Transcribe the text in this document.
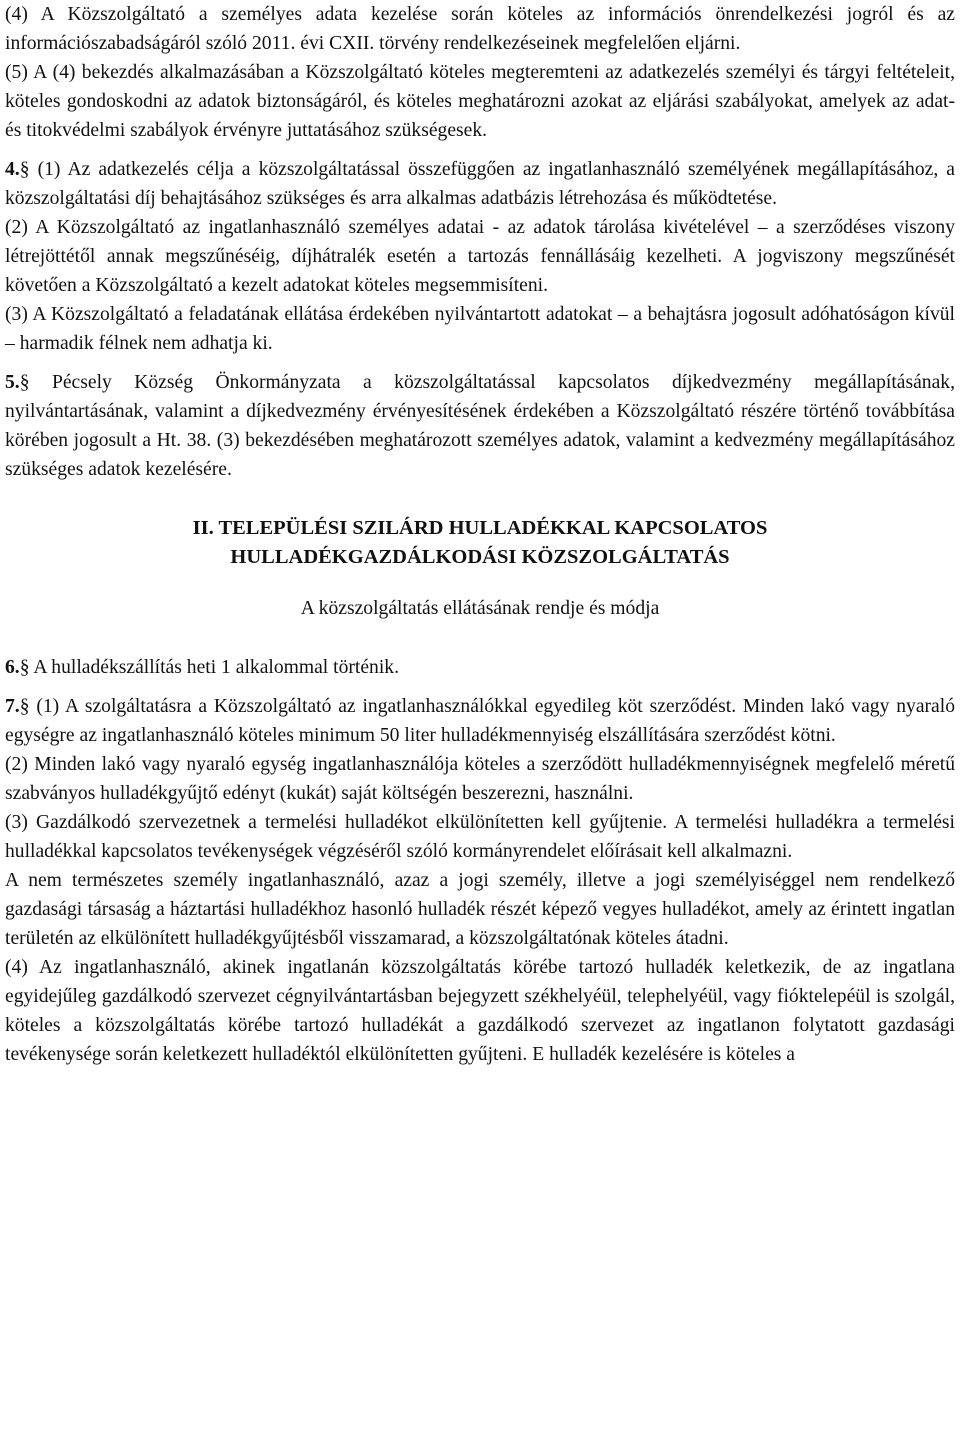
(4) A Közszolgáltató a személyes adata kezelése során köteles az információs önrendelkezési jogról és az információszabadságáról szóló 2011. évi CXII. törvény rendelkezéseinek megfelelően eljárni.

(5) A (4) bekezdés alkalmazásában a Közszolgáltató köteles megteremteni az adatkezelés személyi és tárgyi feltételeit, köteles gondoskodni az adatok biztonságáról, és köteles meghatározni azokat az eljárási szabályokat, amelyek az adat- és titokvédelmi szabályok érvényre juttatásához szükségesek.

4.§ (1) Az adatkezelés célja a közszolgáltatással összefüggően az ingatlanhasználó személyének megállapításához, a közszolgáltatási díj behajtásához szükséges és arra alkalmas adatbázis létrehozása és működtetése.

(2) A Közszolgáltató az ingatlanhasználó személyes adatai - az adatok tárolása kivételével – a szerződéses viszony létrejöttétől annak megszűnéséig, díjhátralék esetén a tartozás fennállásáig kezelheti. A jogviszony megszűnését követően a Közszolgáltató a kezelt adatokat köteles megsemmisíteni.

(3) A Közszolgáltató a feladatának ellátása érdekében nyilvántartott adatokat – a behajtásra jogosult adóhatóságon kívül – harmadik félnek nem adhatja ki.

5.§ Pécsely Község Önkormányzata a közszolgáltatással kapcsolatos díjkedvezmény megállapításának, nyilvántartásának, valamint a díjkedvezmény érvényesítésének érdekében a Közszolgáltató részére történő továbbítása körében jogosult a Ht. 38. (3) bekezdésében meghatározott személyes adatok, valamint a kedvezmény megállapításához szükséges adatok kezelésére.

II. TELEPÜLÉSI SZILÁRD HULLADÉKKAL KAPCSOLATOS

HULLADÉKGAZDÁLKODÁSI KÖZSZOLGÁLTATÁS

A közszolgáltatás ellátásának rendje és módja

6.§ A hulladékszállítás heti 1 alkalommal történik.

7.§ (1) A szolgáltatásra a Közszolgáltató az ingatlanhasználókkal egyedileg köt szerződést. Minden lakó vagy nyaraló egységre az ingatlanhasználó köteles minimum 50 liter hulladékmennyiség elszállítására szerződést kötni.

(2) Minden lakó vagy nyaraló egység ingatlanhasználója köteles a szerződött hulladékmennyiségnek megfelelő méretű szabványos hulladékgyűjtő edényt (kukát) saját költségén beszerezni, használni.

(3) Gazdálkodó szervezetnek a termelési hulladékot elkülönítetten kell gyűjtenie. A termelési hulladékra a termelési hulladékkal kapcsolatos tevékenységek végzéséről szóló kormányrendelet előírásait kell alkalmazni.

A nem természetes személy ingatlanhasználó, azaz a jogi személy, illetve a jogi személyiséggel nem rendelkező gazdasági társaság a háztartási hulladékhoz hasonló hulladék részét képező vegyes hulladékot, amely az érintett ingatlan területén az elkülönített hulladékgyűjtésből visszamarad, a közszolgáltatónak köteles átadni.

(4) Az ingatlanhasználó, akinek ingatlanán közszolgáltatás körébe tartozó hulladék keletkezik, de az ingatlana egyidejűleg gazdálkodó szervezet cégnyilvántartásban bejegyzett székhelyéül, telephelyéül, vagy fióktelepéül is szolgál, köteles a közszolgáltatás körébe tartozó hulladékát a gazdálkodó szervezet az ingatlanon folytatott gazdasági tevékenysége során keletkezett hulladéktól elkülönítetten gyűjteni. E hulladék kezelésére is köteles a
